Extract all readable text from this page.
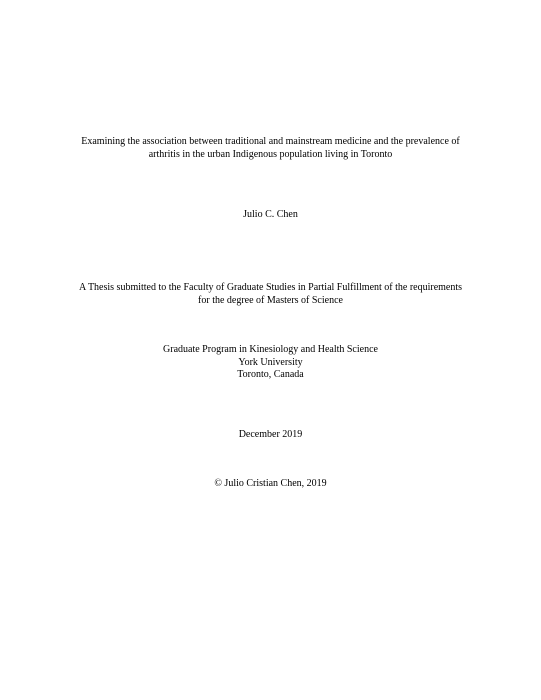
Examining the association between traditional and mainstream medicine and the prevalence of
arthritis in the urban Indigenous population living in Toronto
Julio C. Chen
A Thesis submitted to the Faculty of Graduate Studies in Partial Fulfillment of the requirements
for the degree of Masters of Science
Graduate Program in Kinesiology and Health Science
York University
Toronto, Canada
December 2019
© Julio Cristian Chen, 2019
